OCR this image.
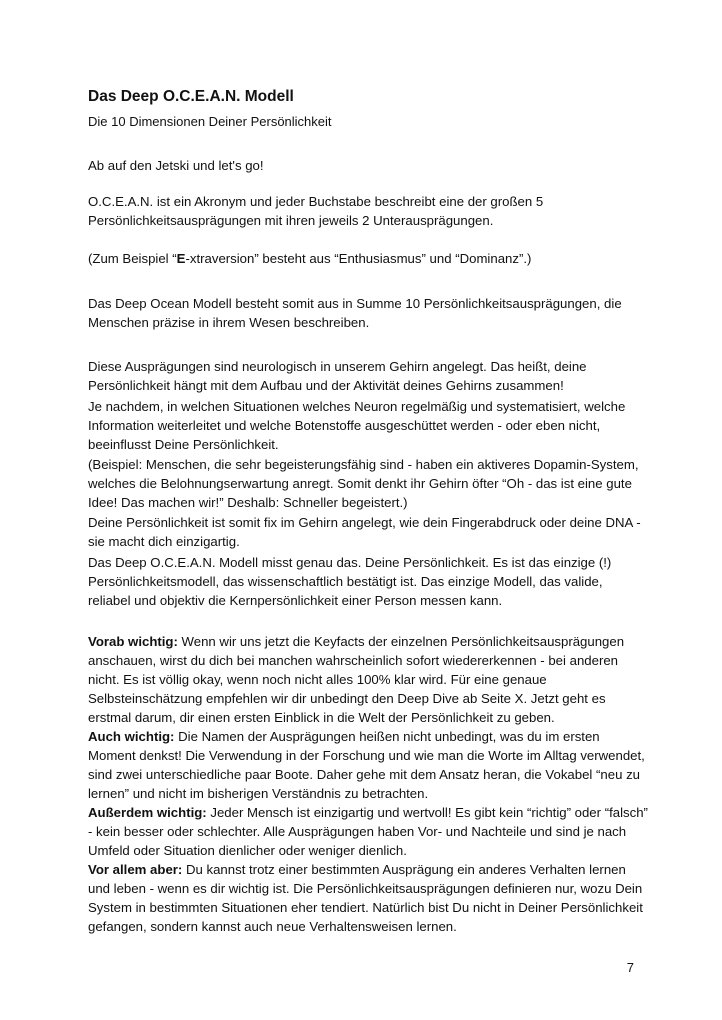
Das Deep O.C.E.A.N. Modell
Die 10 Dimensionen Deiner Persönlichkeit

Ab auf den Jetski und let's go!

O.C.E.A.N. ist ein Akronym und jeder Buchstabe beschreibt eine der großen 5 Persönlichkeitsausprägungen mit ihren jeweils 2 Unterausprägungen.

(Zum Beispiel “E-xtraversion” besteht aus “Enthusiasmus” und “Dominanz”.)

Das Deep Ocean Modell besteht somit aus in Summe 10 Persönlichkeitsausprägungen, die Menschen präzise in ihrem Wesen beschreiben.

Diese Ausprägungen sind neurologisch in unserem Gehirn angelegt. Das heißt, deine Persönlichkeit hängt mit dem Aufbau und der Aktivität deines Gehirns zusammen!

Je nachdem, in welchen Situationen welches Neuron regelmäßig und systematisiert, welche Information weiterleitet und welche Botenstoffe ausgeschüttet werden - oder eben nicht, beeinflusst Deine Persönlichkeit.

(Beispiel: Menschen, die sehr begeisterungsfähig sind - haben ein aktiveres Dopamin-System, welches die Belohnungserwartung anregt. Somit denkt ihr Gehirn öfter “Oh - das ist eine gute Idee! Das machen wir!” Deshalb: Schneller begeistert.)

Deine Persönlichkeit ist somit fix im Gehirn angelegt, wie dein Fingerabdruck oder deine DNA - sie macht dich einzigartig.

Das Deep O.C.E.A.N. Modell misst genau das. Deine Persönlichkeit. Es ist das einzige (!) Persönlichkeitsmodell, das wissenschaftlich bestätigt ist. Das einzige Modell, das valide, reliabel und objektiv die Kernpersönlichkeit einer Person messen kann.

Vorab wichtig: Wenn wir uns jetzt die Keyfacts der einzelnen Persönlichkeitsausprägungen anschauen, wirst du dich bei manchen wahrscheinlich sofort wiedererkennen - bei anderen nicht. Es ist völlig okay, wenn noch nicht alles 100% klar wird. Für eine genaue Selbsteinschätzung empfehlen wir dir unbedingt den Deep Dive ab Seite X. Jetzt geht es erstmal darum, dir einen ersten Einblick in die Welt der Persönlichkeit zu geben.

Auch wichtig: Die Namen der Ausprägungen heißen nicht unbedingt, was du im ersten Moment denkst! Die Verwendung in der Forschung und wie man die Worte im Alltag verwendet, sind zwei unterschiedliche paar Boote. Daher gehe mit dem Ansatz heran, die Vokabel “neu zu lernen” und nicht im bisherigen Verständnis zu betrachten.

Außerdem wichtig: Jeder Mensch ist einzigartig und wertvoll! Es gibt kein “richtig” oder “falsch” - kein besser oder schlechter. Alle Ausprägungen haben Vor- und Nachteile und sind je nach Umfeld oder Situation dienlicher oder weniger dienlich.

Vor allem aber: Du kannst trotz einer bestimmten Ausprägung ein anderes Verhalten lernen und leben - wenn es dir wichtig ist. Die Persönlichkeitsausprägungen definieren nur, wozu Dein System in bestimmten Situationen eher tendiert. Natürlich bist Du nicht in Deiner Persönlichkeit gefangen, sondern kannst auch neue Verhaltensweisen lernen.

7
